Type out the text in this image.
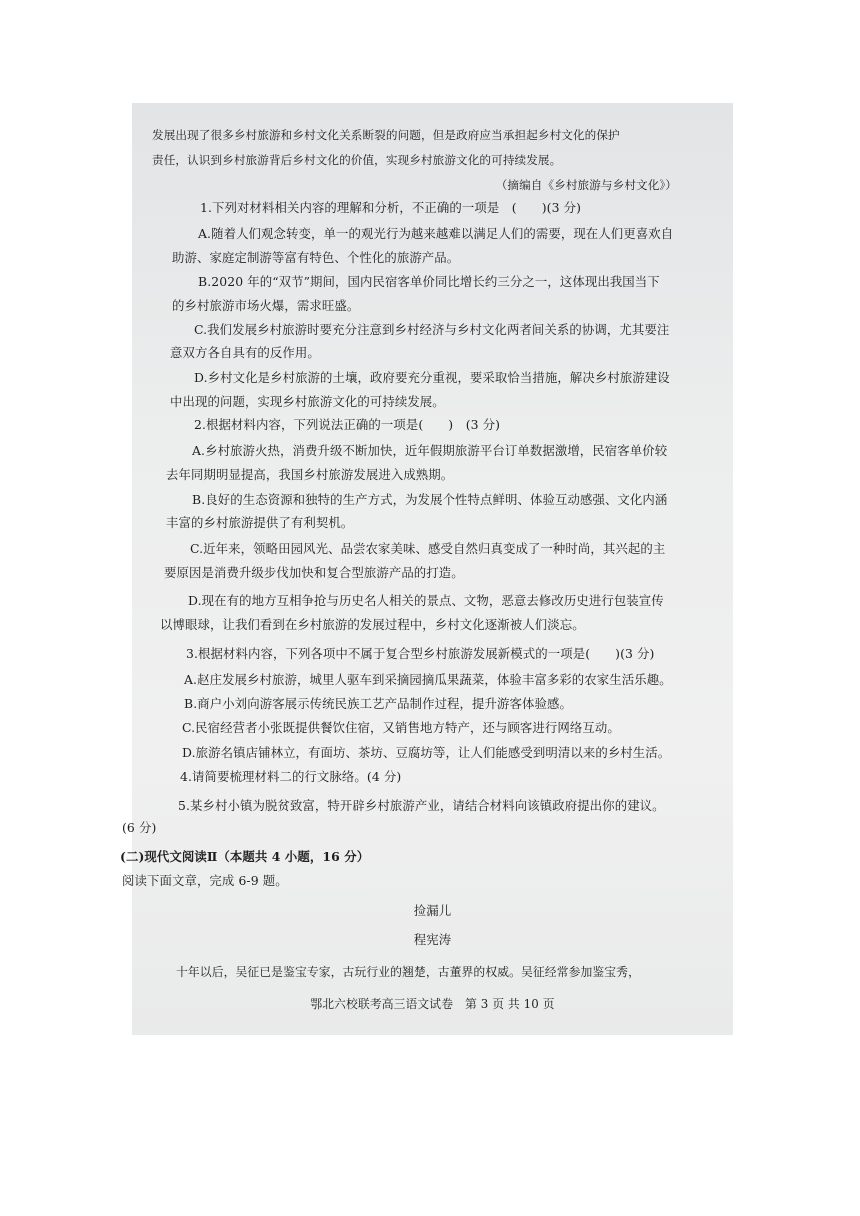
发展出现了很多乡村旅游和乡村文化关系断裂的问题，但是政府应当承担起乡村文化的保护
责任，认识到乡村旅游背后乡村文化的价值，实现乡村旅游文化的可持续发展。
（摘编自《乡村旅游与乡村文化》）
1.下列对材料相关内容的理解和分析，不正确的一项是　(　　)(3 分)
A.随着人们观念转变，单一的观光行为越来越难以满足人们的需要，现在人们更喜欢自
助游、家庭定制游等富有特色、个性化的旅游产品。
B.2020 年的“双节”期间，国内民宿客单价同比增长约三分之一，这体现出我国当下
的乡村旅游市场火爆，需求旺盛。
C.我们发展乡村旅游时要充分注意到乡村经济与乡村文化两者间关系的协调，尤其要注
意双方各自具有的反作用。
D.乡村文化是乡村旅游的土壤，政府要充分重视，要采取恰当措施，解决乡村旅游建设
中出现的问题，实现乡村旅游文化的可持续发展。
2.根据材料内容，下列说法正确的一项是(　　)　(3 分)
A.乡村旅游火热，消费升级不断加快，近年假期旅游平台订单数据激增，民宿客单价较
去年同期明显提高，我国乡村旅游发展进入成熟期。
B.良好的生态资源和独特的生产方式，为发展个性特点鲜明、体验互动感强、文化内涵
丰富的乡村旅游提供了有利契机。
C.近年来，领略田园风光、品尝农家美味、感受自然归真变成了一种时尚，其兴起的主
要原因是消费升级步伐加快和复合型旅游产品的打造。
D.现在有的地方互相争抢与历史名人相关的景点、文物，恶意去修改历史进行包装宣传
以博眼球，让我们看到在乡村旅游的发展过程中，乡村文化逐渐被人们淡忘。
3.根据材料内容，下列各项中不属于复合型乡村旅游发展新模式的一项是(　　)(3 分)
A.赵庄发展乡村旅游，城里人驱车到采摘园摘瓜果蔬菜，体验丰富多彩的农家生活乐趣。
B.商户小刘向游客展示传统民族工艺产品制作过程，提升游客体验感。
C.民宿经营者小张既提供餐饮住宿，又销售地方特产，还与顾客进行网络互动。
D.旅游名镇店铺林立，有面坊、茶坊、豆腐坊等，让人们能感受到明清以来的乡村生活。
4.请简要梳理材料二的行文脉络。(4 分)
5.某乡村小镇为脱贫致富，特开辟乡村旅游产业，请结合材料向该镇政府提出你的建议。
(6 分)
(二)现代文阅读Ⅱ（本题共 4 小题，16 分）
阅读下面文章，完成 6-9 题。
捡漏儿
程宪涛
十年以后，吴征已是鉴宝专家，古玩行业的翘楚，古董界的权威。吴征经常参加鉴宝秀，
鄂北六校联考高三语文试卷　第 3 页 共 10 页
